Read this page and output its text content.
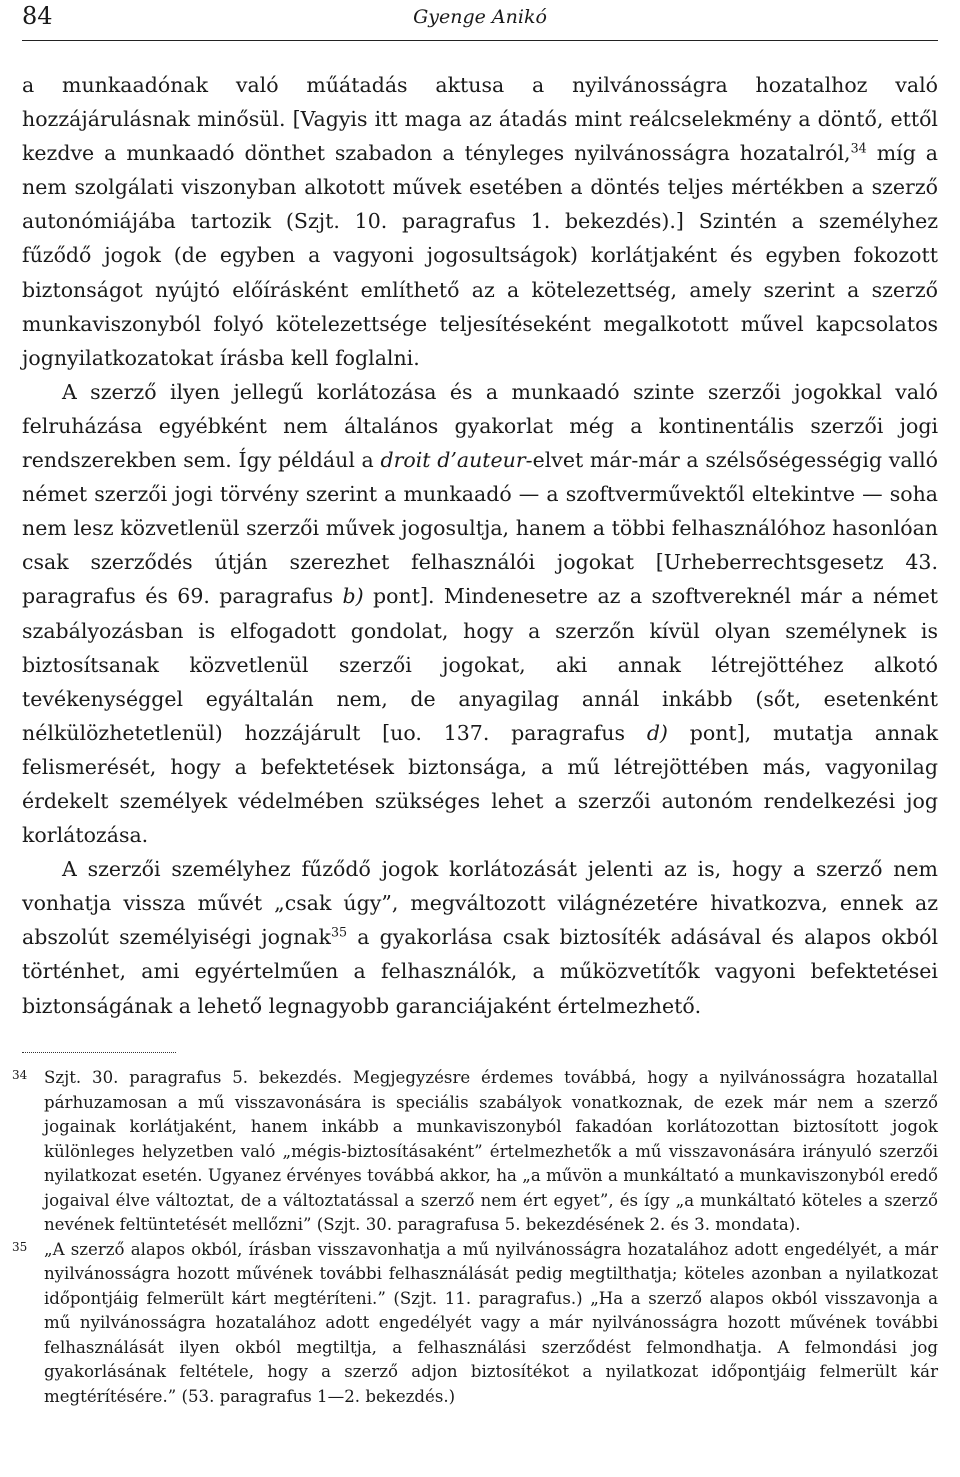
84	Gyenge Anikó

a munkaadónak való műátadás aktusa a nyilvánosságra hozatalhoz való hozzájárulásnak minősül. [Vagyis itt maga az átadás mint reálcselekmény a döntő, ettől kezdve a munkaadó dönthet szabadon a tényleges nyilvánosságra hozatalról,$^{34}$ míg a nem szolgálati viszonyban alkotott művek esetében a döntés teljes mértékben a szerző autonómiájába tartozik (Szjt. 10. paragrafus 1. bekezdés).] Szintén a személyhez fűződő jogok (de egyben a vagyoni jogosultságok) korlátjaként és egyben fokozott biztonságot nyújtó előírásként említhető az a kötelezettség, amely szerint a szerző munkaviszonyból folyó kötelezettsége teljesítéseként megalkotott művel kapcsolatos jognyilatkozatokat írásba kell foglalni.

A szerző ilyen jellegű korlátozása és a munkaadó szinte szerzői jogokkal való felruházása egyébként nem általános gyakorlat még a kontinentális szerzői jogi rendszerekben sem. Így például a droit d’auteur-elvet már-már a szélsőségességig valló német szerzői jogi törvény szerint a munkaadó — a szoftverművektől eltekintve — soha nem lesz közvetlenül szerzői művek jogosultja, hanem a többi felhasználóhoz hasonlóan csak szerződés útján szerezhet felhasználói jogokat [Urheberrechtsgesetz 43. paragrafus és 69. paragrafus b) pont]. Mindenesetre az a szoftvereknél már a német szabályozásban is elfogadott gondolat, hogy a szerzőn kívül olyan személynek is biztosítsanak közvetlenül szerzői jogokat, aki annak létrejöttéhez alkotó tevékenységgel egyáltalán nem, de anyagilag annál inkább (sőt, esetenként nélkülözhetetlenül) hozzájárult [uo. 137. paragrafus d) pont], mutatja annak felismerését, hogy a befektetések biztonsága, a mű létrejöttében más, vagyonilag érdekelt személyek védelmében szükséges lehet a szerzői autonóm rendelkezési jog korlátozása.

A szerzői személyhez fűződő jogok korlátozását jelenti az is, hogy a szerző nem vonhatja vissza művét „csak úgy”, megváltozott világnézetére hivatkozva, ennek az abszolút személyiségi jognak$^{35}$ a gyakorlása csak biztosíték adásával és alapos okból történhet, ami egyértelműen a felhasználók, a műközvetítők vagyoni befektetései biztonságának a lehető legnagyobb garanciájaként értelmezhető.

34 Szjt. 30. paragrafus 5. bekezdés. Megjegyzésre érdemes továbbá, hogy a nyilvánosságra hozatallal párhuzamosan a mű visszavonására is speciális szabályok vonatkoznak, de ezek már nem a szerző jogainak korlátjaként, hanem inkább a munkaviszonyból fakadóan korlátozottan biztosított jogok különleges helyzetben való „mégis-biztosításaként” értelmezhetők a mű visszavonására irányuló szerzői nyilatkozat esetén. Ugyanez érvényes továbbá akkor, ha „a művön a munkáltató a munkaviszonyból eredő jogaival élve változtat, de a változtatással a szerző nem ért egyet”, és így „a munkáltató köteles a szerző nevének feltüntetését mellőzni” (Szjt. 30. paragrafusa 5. bekezdésének 2. és 3. mondata).
35 „A szerző alapos okból, írásban visszavonhatja a mű nyilvánosságra hozatalához adott engedélyét, a már nyilvánosságra hozott művének további felhasználását pedig megtilthatja; köteles azonban a nyilatkozat időpontjáig felmerült kárt megtéríteni.” (Szjt. 11. paragrafus.) „Ha a szerző alapos okból visszavonja a mű nyilvánosságra hozatalához adott engedélyét vagy a már nyilvánosságra hozott művének további felhasználását ilyen okból megtiltja, a felhasználási szerződést felmondhatja. A felmondási jog gyakorlásának feltétele, hogy a szerző adjon biztosítékot a nyilatkozat időpontjáig felmerült kár megtérítésére.” (53. paragrafus 1—2. bekezdés.)
